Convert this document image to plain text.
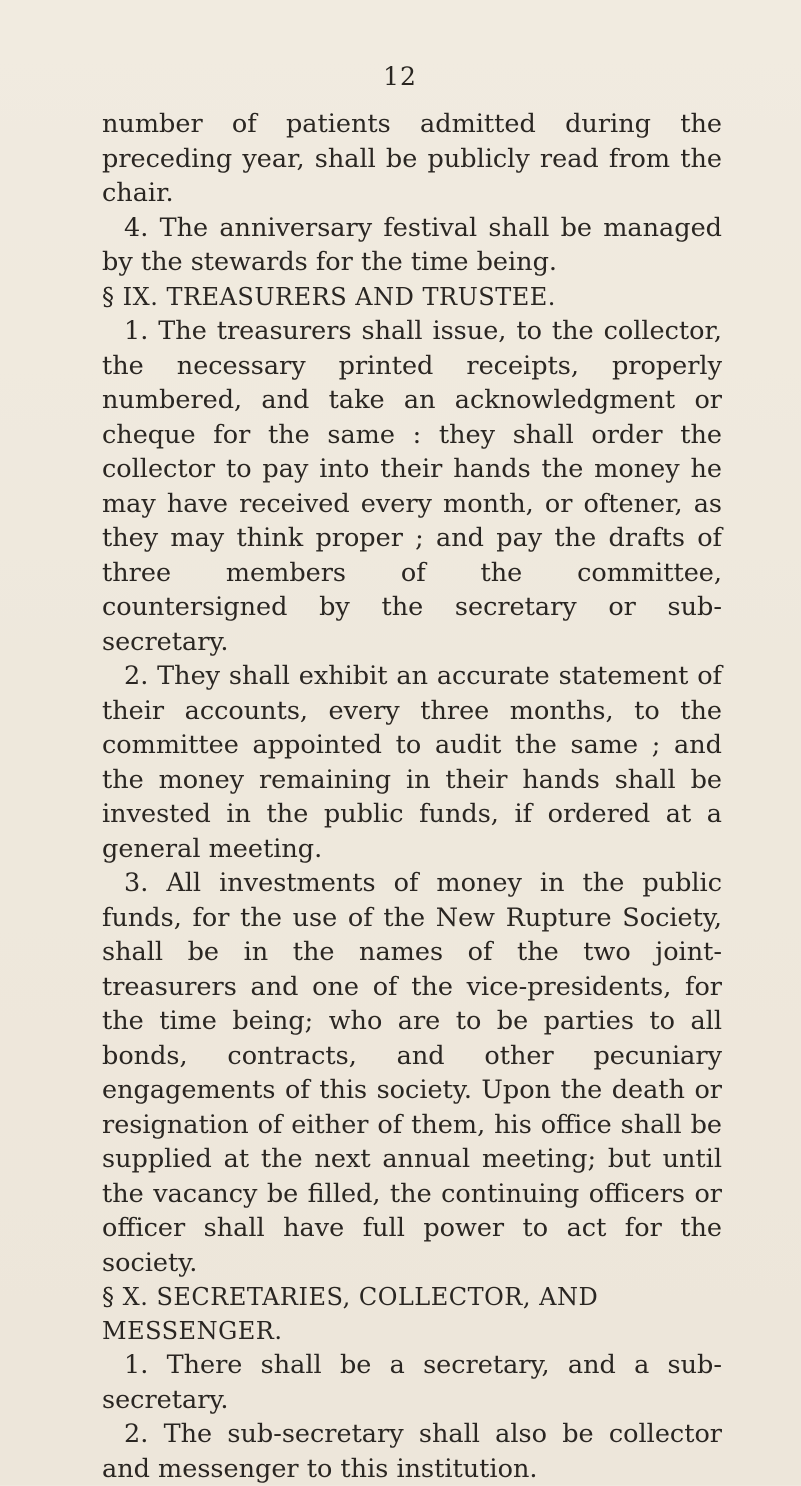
12

number of patients admitted during the preceding year, shall be publicly read from the chair.

4. The anniversary festival shall be managed by the stewards for the time being.

§ IX. TREASURERS AND TRUSTEE.

1. The treasurers shall issue, to the collector, the necessary printed receipts, properly numbered, and take an acknowledgment or cheque for the same : they shall order the collector to pay into their hands the money he may have received every month, or oftener, as they may think proper ; and pay the drafts of three members of the committee, countersigned by the secretary or sub-secretary.

2. They shall exhibit an accurate statement of their accounts, every three months, to the committee appointed to audit the same ; and the money remaining in their hands shall be invested in the public funds, if ordered at a general meeting.

3. All investments of money in the public funds, for the use of the New Rupture Society, shall be in the names of the two joint-treasurers and one of the vice-presidents, for the time being; who are to be parties to all bonds, contracts, and other pecuniary engagements of this society. Upon the death or resignation of either of them, his office shall be supplied at the next annual meeting; but until the vacancy be filled, the continuing officers or officer shall have full power to act for the society.

§ X. SECRETARIES, COLLECTOR, AND
MESSENGER.

1. There shall be a secretary, and a sub-secretary.

2. The sub-secretary shall also be collector and messenger to this institution.
